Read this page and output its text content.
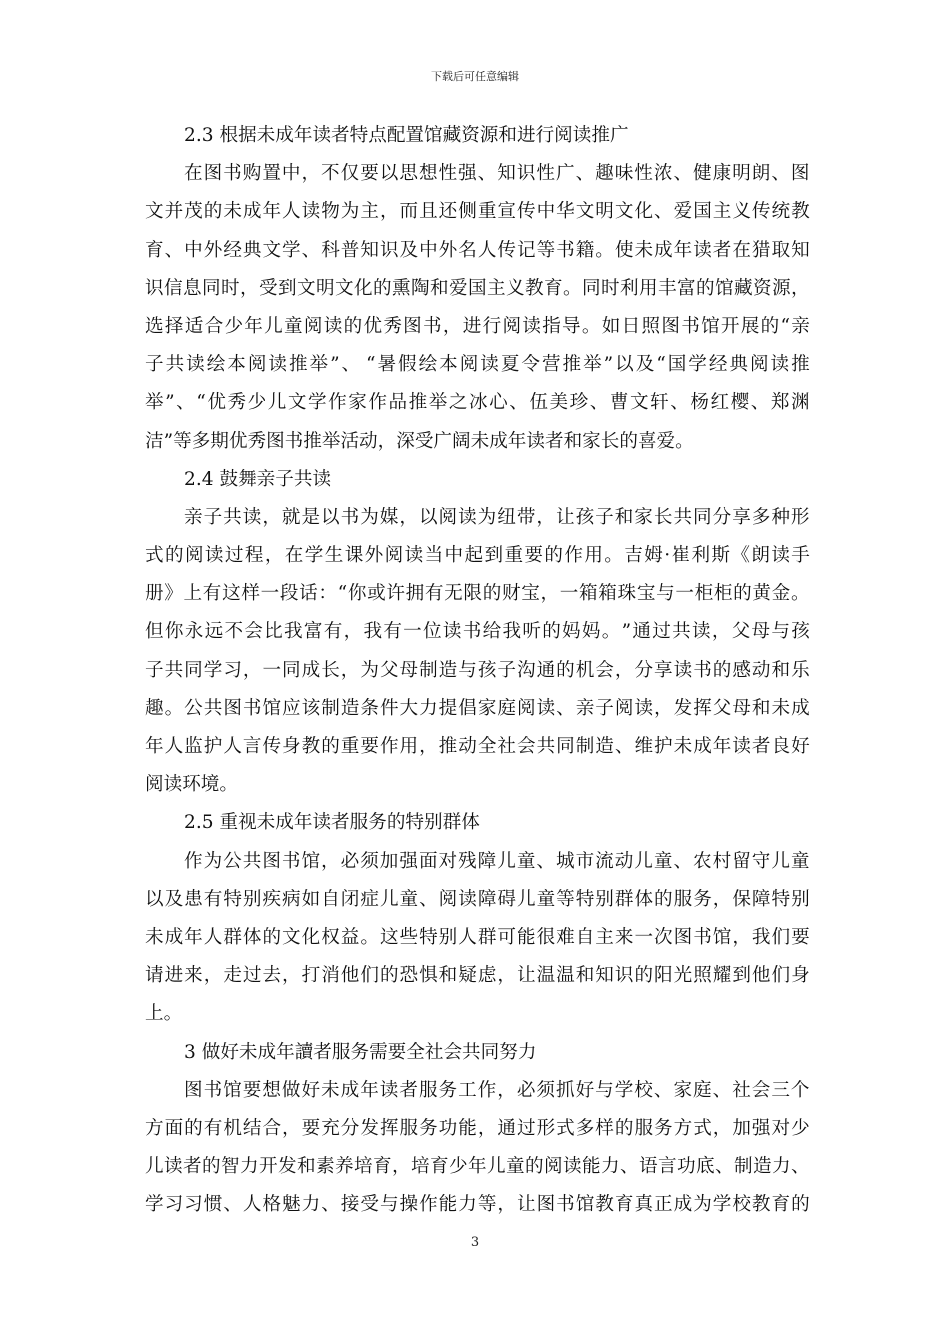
下载后可任意编辑
2.3 根据未成年读者特点配置馆藏资源和进行阅读推广
在 图 书 购 置 中 ， 不 仅 要 以 思 想 性 强 、 知 识 性 广 、 趣 味 性 浓 、 健 康 明 朗 、 图
文 并 茂 的 未 成 年 人 读 物 为 主 ， 而 且 还 侧 重 宣 传 中 华 文 明 文 化 、 爱 国 主 义 传 统 教
育 、 中 外 经 典 文 学 、 科 普 知 识 及 中 外 名 人 传 记 等 书 籍 。 使 未 成 年 读 者 在 猎 取 知
识 信 息 同 时 ， 受 到 文 明 文 化 的 熏 陶 和 爱 国 主 义 教 育 。 同 时 利 用 丰 富 的 馆 藏 资 源 ，
选 择 适 合 少 年 儿 童 阅 读 的 优 秀 图 书 ， 进 行 阅 读 指 导 。 如 日 照 图 书 馆 开 展 的 “ 亲
子 共 读 绘 本 阅 读 推 举 ” 、 “ 暑 假 绘 本 阅 读 夏 令 营 推 举 ” 以 及 “ 国 学 经 典 阅 读 推
举 ” 、 “ 优 秀 少 儿 文 学 作 家 作 品 推 举 之 冰 心 、 伍 美 珍 、 曹 文 轩 、 杨 红 樱 、 郑 渊
洁”等多期优秀图书推举活动，深受广阔未成年读者和家长的喜爱。
2.4 鼓舞亲子共读
亲 子 共 读 ， 就 是 以 书 为 媒 ， 以 阅 读 为 纽 带 ， 让 孩 子 和 家 长 共 同 分 享 多 种 形
式 的 阅 读 过 程 ， 在 学 生 课 外 阅 读 当 中 起 到 重 要 的 作 用 。 吉 姆 · 崔 利 斯 《 朗 读 手
册 》 上 有 这 样 一 段 话 ： “ 你 或 许 拥 有 无 限 的 财 宝 ， 一 箱 箱 珠 宝 与 一 柜 柜 的 黄 金 。
但 你 永 远 不 会 比 我 富 有 ， 我 有 一 位 读 书 给 我 听 的 妈 妈 。 ” 通 过 共 读 ， 父 母 与 孩
子 共 同 学 习 ， 一 同 成 长 ， 为 父 母 制 造 与 孩 子 沟 通 的 机 会 ， 分 享 读 书 的 感 动 和 乐
趣 。 公 共 图 书 馆 应 该 制 造 条 件 大 力 提 倡 家 庭 阅 读 、 亲 子 阅 读 ， 发 挥 父 母 和 未 成
年 人 监 护 人 言 传 身 教 的 重 要 作 用 ， 推 动 全 社 会 共 同 制 造 、 维 护 未 成 年 读 者 良 好
阅读环境。
2.5 重视未成年读者服务的特别群体
作 为 公 共 图 书 馆 ， 必 须 加 强 面 对 残 障 儿 童 、 城 市 流 动 儿 童 、 农 村 留 守 儿 童
以 及 患 有 特 别 疾 病 如 自 闭 症 儿 童 、 阅 读 障 碍 儿 童 等 特 别 群 体 的 服 务 ， 保 障 特 别
未 成 年 人 群 体 的 文 化 权 益 。 这 些 特 别 人 群 可 能 很 难 自 主 来 一 次 图 书 馆 ， 我 们 要
请 进 来 ， 走 过 去 ， 打 消 他 们 的 恐 惧 和 疑 虑 ， 让 温 温 和 知 识 的 阳 光 照 耀 到 他 们 身
上。
3 做好未成年讀者服务需要全社会共同努力
图 书 馆 要 想 做 好 未 成 年 读 者 服 务 工 作 ， 必 须 抓 好 与 学 校 、 家 庭 、 社 会 三 个
方 面 的 有 机 结 合 ， 要 充 分 发 挥 服 务 功 能 ， 通 过 形 式 多 样 的 服 务 方 式 ， 加 强 对 少
儿 读 者 的 智 力 开 发 和 素 养 培 育 ， 培 育 少 年 儿 童 的 阅 读 能 力 、 语 言 功 底 、 制 造 力 、
学 习 习 惯 、 人 格 魅 力 、 接 受 与 操 作 能 力 等 ， 让 图 书 馆 教 育 真 正 成 为 学 校 教 育 的
3
